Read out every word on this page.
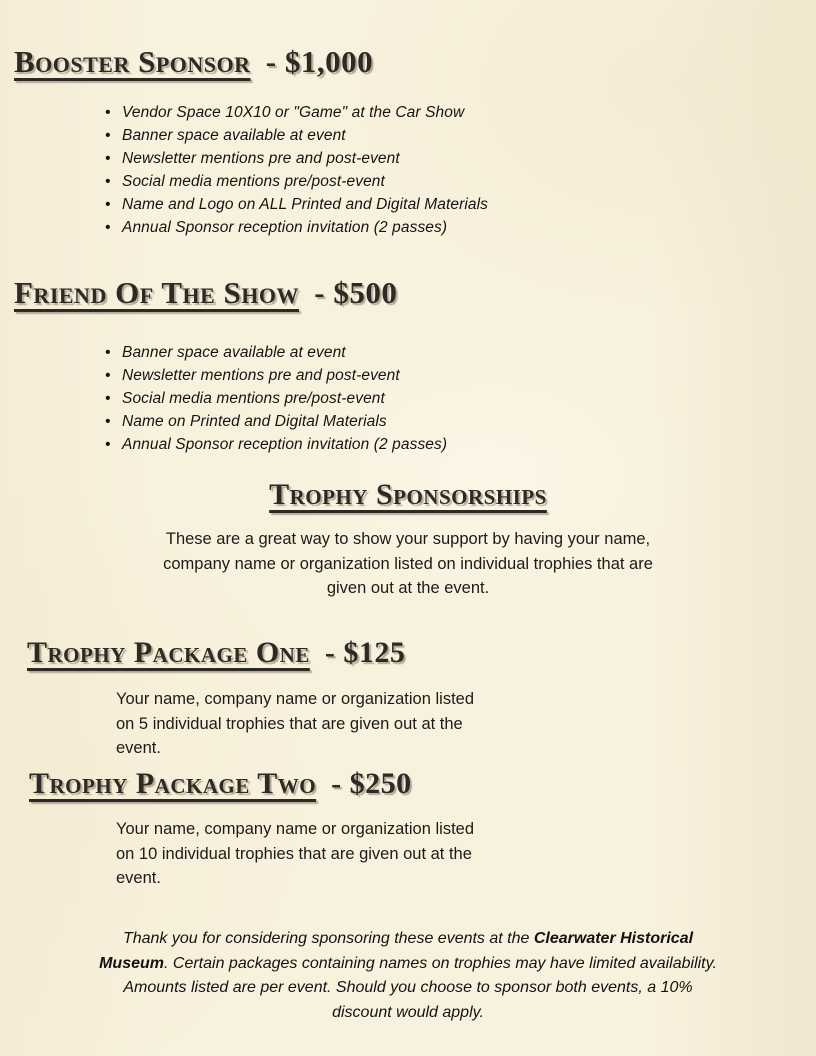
Booster Sponsor - $1,000
• Vendor Space 10X10 or "Game" at the Car Show
• Banner space available at event
• Newsletter mentions pre and post-event
• Social media mentions pre/post-event
• Name and Logo on ALL Printed and Digital Materials
• Annual Sponsor reception invitation (2 passes)
Friend Of The Show - $500
• Banner space available at event
• Newsletter mentions pre and post-event
• Social media mentions pre/post-event
• Name on Printed and Digital Materials
• Annual Sponsor reception invitation (2 passes)
Trophy Sponsorships

These are a great way to show your support by having your name, company name or organization listed on individual trophies that are given out at the event.

Trophy Package One - $125

Your name, company name or organization listed on 5 individual trophies that are given out at the event.

Trophy Package Two - $250

Your name, company name or organization listed on 10 individual trophies that are given out at the event.

Thank you for considering sponsoring these events at the Clearwater Historical Museum. Certain packages containing names on trophies may have limited availability. Amounts listed are per event. Should you choose to sponsor both events, a 10% discount would apply.
